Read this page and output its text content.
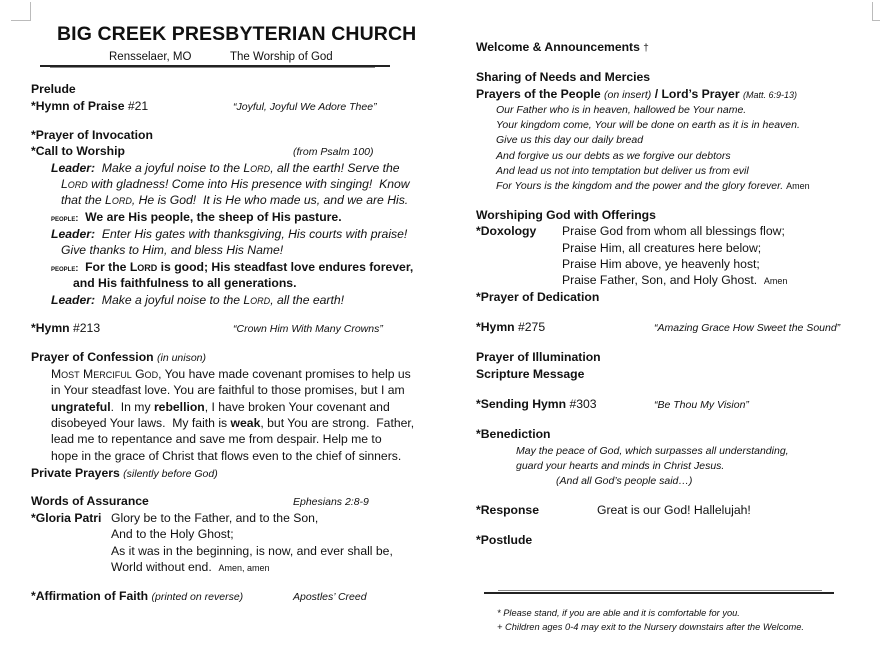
BIG CREEK PRESBYTERIAN CHURCH
Rensselaer, MO	The Worship of God
Prelude
*Hymn of Praise #21	“Joyful, Joyful We Adore Thee”
*Prayer of Invocation
*Call to Worship	(from Psalm 100)
Leader:  Make a joyful noise to the Lord, all the earth! Serve the
Lord with gladness! Come into His presence with singing!  Know
that the Lord, He is God!  It is He who made us, and we are His.
people: We are His people, the sheep of His pasture.
Leader: Enter His gates with thanksgiving, His courts with praise!
Give thanks to Him, and bless His Name!
people:  For the Lord is good; His steadfast love endures forever,
and His faithfulness to all generations.
Leader:  Make a joyful noise to the Lord, all the earth!
*Hymn #213	“Crown Him With Many Crowns”
Prayer of Confession (in unison)
Most Merciful God, You have made covenant promises to help us
in Your steadfast love. You are faithful to those promises, but I am
ungrateful.  In my rebellion, I have broken Your covenant and
disobeyed Your laws.  My faith is weak, but You are strong.  Father,
lead me to repentance and save me from despair. Help me to
hope in the grace of Christ that flows even to the chief of sinners.
Private Prayers (silently before God)
Words of Assurance	Ephesians 2:8-9
*Gloria Patri Glory be to the Father, and to the Son,
And to the Holy Ghost;
As it was in the beginning, is now, and ever shall be,
World without end. Amen, amen
*Affirmation of Faith (printed on reverse)	Apostles’ Creed
Welcome & Announcements †
Sharing of Needs and Mercies
Prayers of the People (on insert) / Lord’s Prayer (Matt. 6:9-13)
Our Father who is in heaven, hallowed be Your name.
Your kingdom come, Your will be done on earth as it is in heaven.
Give us this day our daily bread
And forgive us our debts as we forgive our debtors
And lead us not into temptation but deliver us from evil
For Yours is the kingdom and the power and the glory forever. Amen
Worshiping God with Offerings
*Doxology Praise God from whom all blessings flow;
Praise Him, all creatures here below;
Praise Him above, ye heavenly host;
Praise Father, Son, and Holy Ghost. Amen
*Prayer of Dedication
*Hymn #275	“Amazing Grace How Sweet the Sound”
Prayer of Illumination
Scripture Message
*Sending Hymn #303	“Be Thou My Vision”
*Benediction
May the peace of God, which surpasses all understanding,
guard your hearts and minds in Christ Jesus.
(And all God’s people said…)
*Response	Great is our God! Hallelujah!
*Postlude
* Please stand, if you are able and it is comfortable for you.
+ Children ages 0-4 may exit to the Nursery downstairs after the Welcome.
